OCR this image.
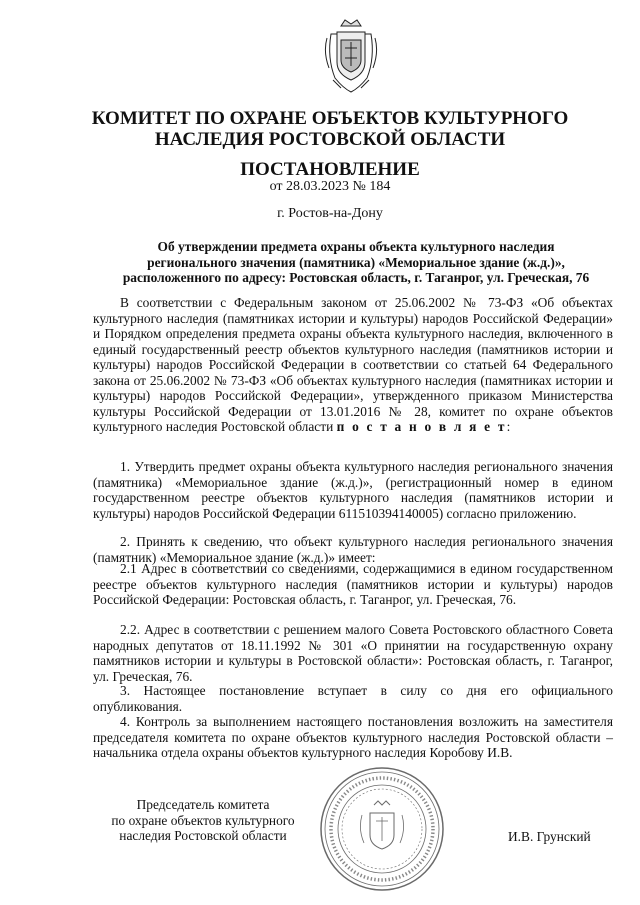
КОМИТЕТ ПО ОХРАНЕ ОБЪЕКТОВ КУЛЬТУРНОГО
НАСЛЕДИЯ РОСТОВСКОЙ ОБЛАСТИ
ПОСТАНОВЛЕНИЕ
от 28.03.2023 № 184
г. Ростов-на-Дону
Об утверждении предмета охраны объекта культурного наследия
регионального значения (памятника) «Мемориальное здание (ж.д.)»,
расположенного по адресу: Ростовская область, г. Таганрог, ул. Греческая, 76

В соответствии с Федеральным законом от 25.06.2002 № 73-ФЗ «Об объектах культурного наследия (памятниках истории и культуры) народов Российской Федерации» и Порядком определения предмета охраны объекта культурного наследия, включенного в единый государственный реестр объектов культурного наследия (памятников истории и культуры) народов Российской Федерации в соответствии со статьей 64 Федерального закона от 25.06.2002 № 73-ФЗ «Об объектах культурного наследия (памятниках истории и культуры) народов Российской Федерации», утвержденного приказом Министерства культуры Российской Федерации от 13.01.2016 № 28, комитет по охране объектов культурного наследия Ростовской области п о с т а н о в л я е т:

1. Утвердить предмет охраны объекта культурного наследия регионального значения (памятника) «Мемориальное здание (ж.д.)», (регистрационный номер в едином государственном реестре объектов культурного наследия (памятников истории и культуры) народов Российской Федерации 611510394140005) согласно приложению.

2. Принять к сведению, что объект культурного наследия регионального значения (памятник) «Мемориальное здание (ж.д.)» имеет:

2.1 Адрес в соответствии со сведениями, содержащимися в едином государственном реестре объектов культурного наследия (памятников истории и культуры) народов Российской Федерации: Ростовская область, г. Таганрог, ул. Греческая, 76.

2.2. Адрес в соответствии с решением малого Совета Ростовского областного Совета народных депутатов от 18.11.1992 № 301 «О принятии на государственную охрану памятников истории и культуры в Ростовской области»: Ростовская область, г. Таганрог, ул. Греческая, 76.

3. Настоящее постановление вступает в силу со дня его официального опубликования.

4. Контроль за выполнением настоящего постановления возложить на заместителя председателя комитета по охране объектов культурного наследия Ростовской области – начальника отдела охраны объектов культурного наследия Коробову И.В.

Председатель комитета
по охране объектов культурного
наследия Ростовской области	И.В. Грунский
